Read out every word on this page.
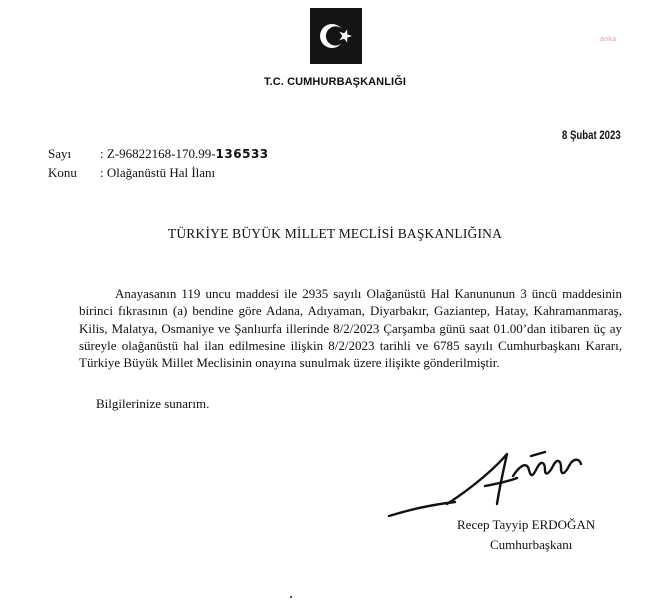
anka
T.C. CUMHURBAŞKANLIĞI
8 Şubat 2023
Sayı : Z-96822168-170.99-136533
Konu : Olağanüstü Hal İlanı
TÜRKİYE BÜYÜK MİLLET MECLİSİ BAŞKANLIĞINA

Anayasanın 119 uncu maddesi ile 2935 sayılı Olağanüstü Hal Kanununun 3 üncü maddesinin birinci fıkrasının (a) bendine göre Adana, Adıyaman, Diyarbakır, Gaziantep, Hatay, Kahramanmaraş, Kilis, Malatya, Osmaniye ve Şanlıurfa illerinde 8/2/2023 Çarşamba günü saat 01.00’dan itibaren üç ay süreyle olağanüstü hal ilan edilmesine ilişkin 8/2/2023 tarihli ve 6785 sayılı Cumhurbaşkanı Kararı, Türkiye Büyük Millet Meclisinin onayına sunulmak üzere ilişikte gönderilmiştir.

Bilgilerinize sunarım.
Recep Tayyip ERDOĞAN
Cumhurbaşkanı
